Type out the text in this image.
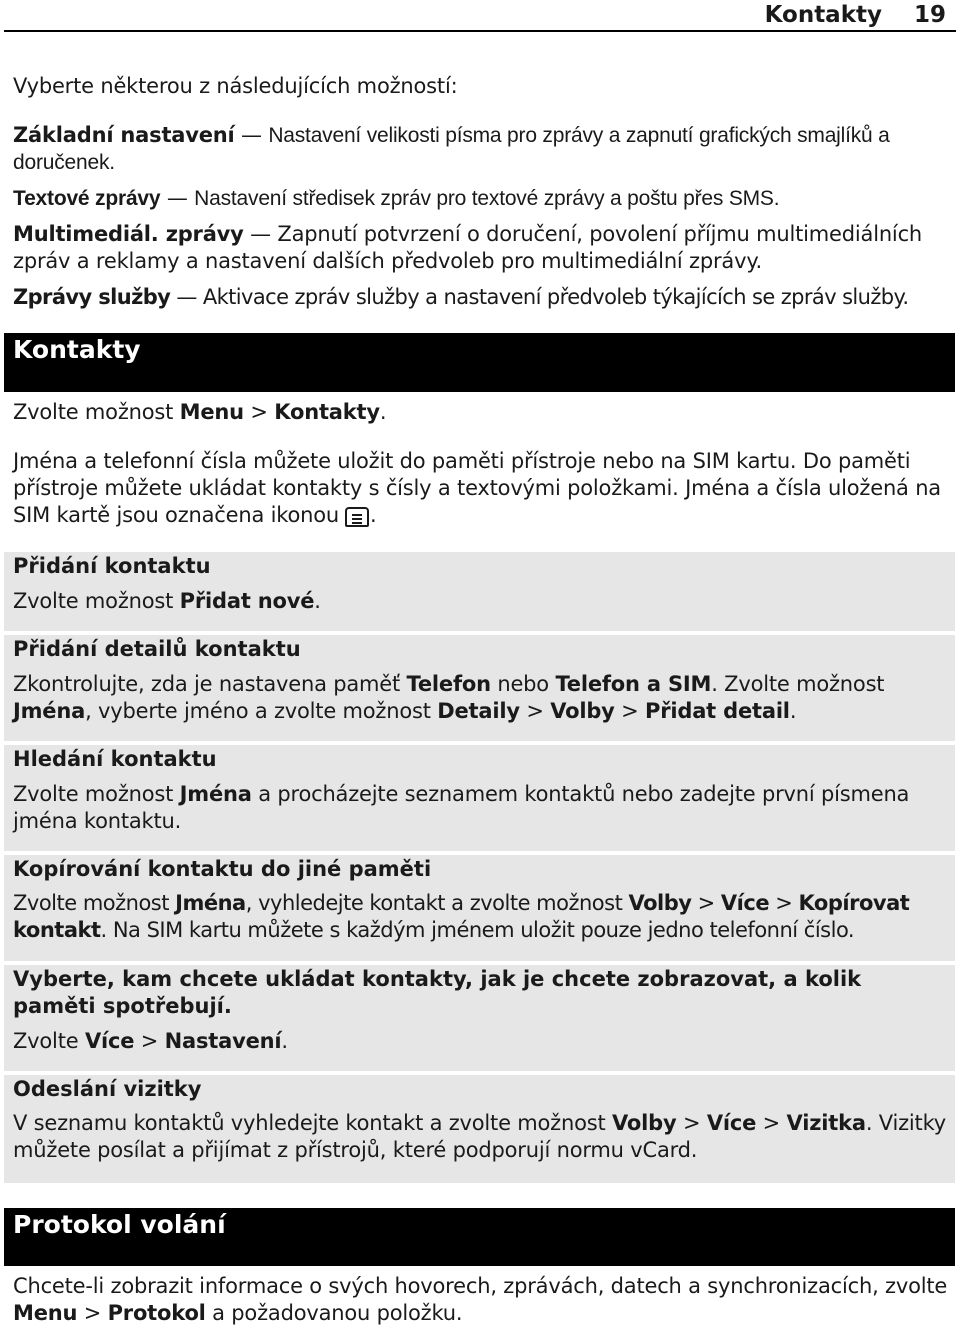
Kontakty 19
Vyberte některou z následujících možností:
Základní nastavení — Nastavení velikosti písma pro zprávy a zapnutí grafických smajlíků a doručenek.
Textové zprávy — Nastavení středisek zpráv pro textové zprávy a poštu přes SMS.
Multimediál. zprávy — Zapnutí potvrzení o doručení, povolení příjmu multimediálních zpráv a reklamy a nastavení dalších předvoleb pro multimediální zprávy.
Zprávy služby — Aktivace zpráv služby a nastavení předvoleb týkajících se zpráv služby.
Kontakty
Zvolte možnost Menu > Kontakty.
Jména a telefonní čísla můžete uložit do paměti přístroje nebo na SIM kartu. Do paměti přístroje můžete ukládat kontakty s čísly a textovými položkami. Jména a čísla uložená na SIM kartě jsou označena ikonou .
Přidání kontaktu
Zvolte možnost Přidat nové.
Přidání detailů kontaktu
Zkontrolujte, zda je nastavena paměť Telefon nebo Telefon a SIM. Zvolte možnost Jména, vyberte jméno a zvolte možnost Detaily > Volby > Přidat detail.
Hledání kontaktu
Zvolte možnost Jména a procházejte seznamem kontaktů nebo zadejte první písmena jména kontaktu.
Kopírování kontaktu do jiné paměti
Zvolte možnost Jména, vyhledejte kontakt a zvolte možnost Volby > Více > Kopírovat kontakt. Na SIM kartu můžete s každým jménem uložit pouze jedno telefonní číslo.
Vyberte, kam chcete ukládat kontakty, jak je chcete zobrazovat, a kolik paměti spotřebují.
Zvolte Více > Nastavení.
Odeslání vizitky
V seznamu kontaktů vyhledejte kontakt a zvolte možnost Volby > Více > Vizitka. Vizitky můžete posílat a přijímat z přístrojů, které podporují normu vCard.
Protokol volání
Chcete-li zobrazit informace o svých hovorech, zprávách, datech a synchronizacích, zvolte Menu > Protokol a požadovanou položku.
